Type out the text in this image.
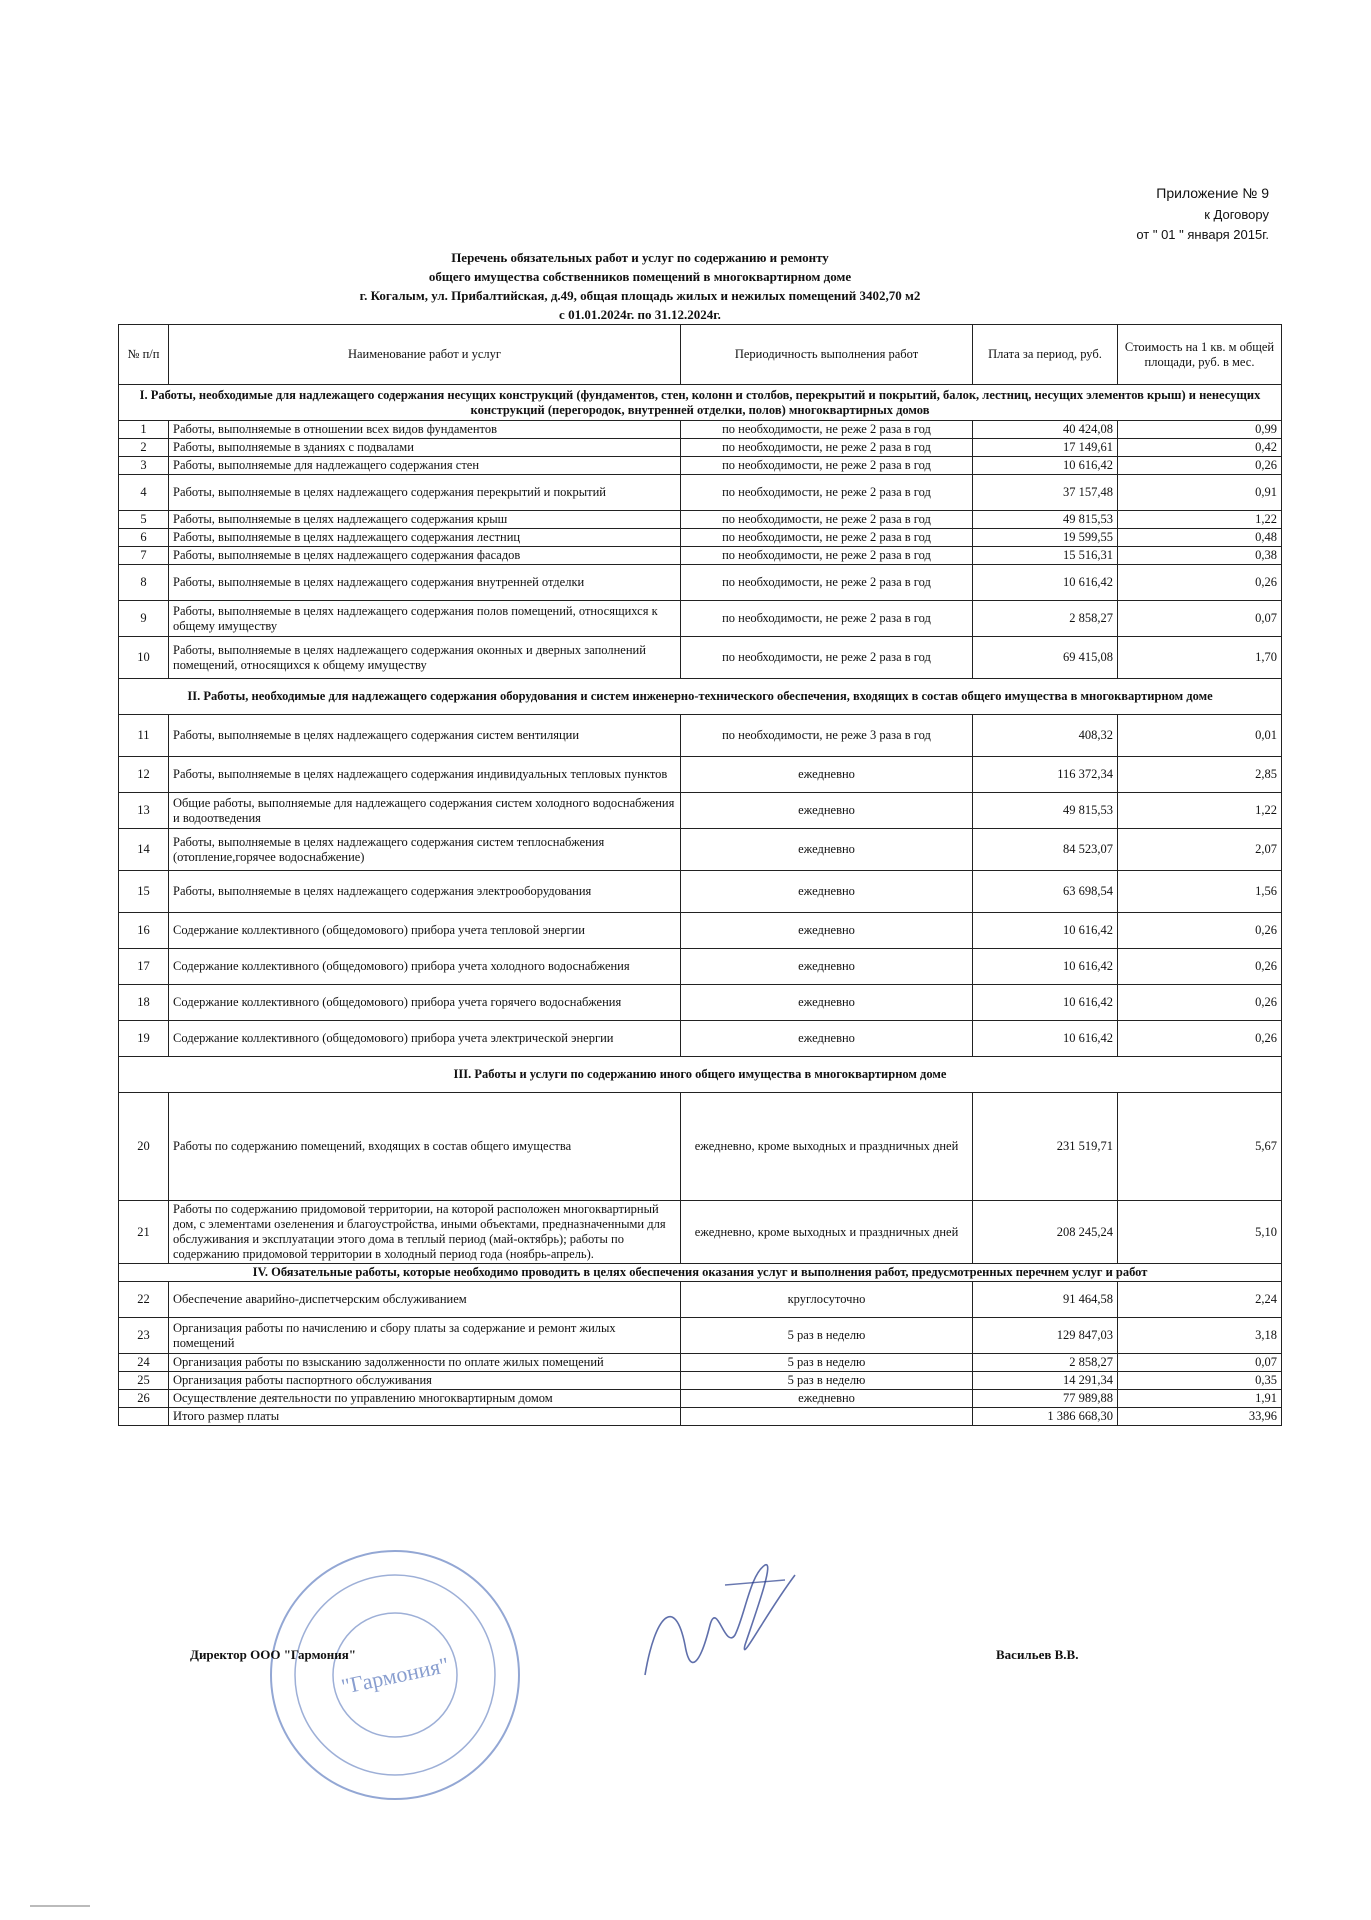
Приложение № 9
к Договору
от " 01 " января 2015г.
Перечень обязательных работ и услуг по содержанию и ремонту
общего имущества собственников помещений в многоквартирном доме
г. Когалым, ул. Прибалтийская, д.49, общая площадь жилых и нежилых помещений 3402,70 м2
с 01.01.2024г. по 31.12.2024г.
№ п/п	Наименование работ и услуг	Периодичность выполнения работ	Плата за период, руб.	Стоимость на 1 кв. м общей площади, руб. в мес.
I. Работы, необходимые для надлежащего содержания несущих конструкций (фундаментов, стен, колонн и столбов, перекрытий и покрытий, балок, лестниц, несущих элементов крыш) и ненесущих конструкций (перегородок, внутренней отделки, полов) многоквартирных домов				
1	Работы, выполняемые в отношении всех видов фундаментов	по необходимости, не реже 2 раза в год	40 424,08	0,99
2	Работы, выполняемые в зданиях с подвалами	по необходимости, не реже 2 раза в год	17 149,61	0,42
3	Работы, выполняемые для надлежащего содержания стен	по необходимости, не реже 2 раза в год	10 616,42	0,26
4	Работы, выполняемые в целях надлежащего содержания перекрытий и покрытий	по необходимости, не реже 2 раза в год	37 157,48	0,91
5	Работы, выполняемые в целях надлежащего содержания крыш	по необходимости, не реже 2 раза в год	49 815,53	1,22
6	Работы, выполняемые в целях надлежащего содержания лестниц	по необходимости, не реже 2 раза в год	19 599,55	0,48
7	Работы, выполняемые в целях надлежащего содержания фасадов	по необходимости, не реже 2 раза в год	15 516,31	0,38
8	Работы, выполняемые в целях надлежащего содержания внутренней отделки	по необходимости, не реже 2 раза в год	10 616,42	0,26
9	Работы, выполняемые в целях надлежащего содержания полов помещений, относящихся к общему имуществу	по необходимости, не реже 2 раза в год	2 858,27	0,07
10	Работы, выполняемые в целях надлежащего содержания оконных и дверных заполнений помещений, относящихся к общему имуществу	по необходимости, не реже 2 раза в год	69 415,08	1,70
II. Работы, необходимые для надлежащего содержания оборудования и систем инженерно-технического обеспечения, входящих в состав общего имущества в многоквартирном доме				
11	Работы, выполняемые в целях надлежащего содержания систем вентиляции	по необходимости, не реже 3 раза в год	408,32	0,01
12	Работы, выполняемые в целях надлежащего содержания индивидуальных тепловых пунктов	ежедневно	116 372,34	2,85
13	Общие работы, выполняемые для надлежащего содержания систем холодного водоснабжения и водоотведения	ежедневно	49 815,53	1,22
14	Работы, выполняемые в целях надлежащего содержания систем теплоснабжения (отопление,горячее водоснабжение)	ежедневно	84 523,07	2,07
15	Работы, выполняемые в целях надлежащего содержания электрооборудования	ежедневно	63 698,54	1,56
16	Содержание коллективного (общедомового) прибора учета тепловой энергии	ежедневно	10 616,42	0,26
17	Содержание коллективного (общедомового) прибора учета холодного водоснабжения	ежедневно	10 616,42	0,26
18	Содержание коллективного (общедомового) прибора учета горячего водоснабжения	ежедневно	10 616,42	0,26
19	Содержание коллективного (общедомового) прибора учета электрической энергии	ежедневно	10 616,42	0,26
III. Работы и услуги по содержанию иного общего имущества в многоквартирном доме				
20	Работы по содержанию помещений, входящих в состав общего имущества	ежедневно, кроме выходных и праздничных дней	231 519,71	5,67
21	Работы по содержанию придомовой территории, на которой расположен многоквартирный дом, с элементами озеленения и благоустройства, иными объектами, предназначенными для обслуживания и эксплуатации этого дома в теплый период (май-октябрь); работы по содержанию придомовой территории в холодный период года (ноябрь-апрель).	ежедневно, кроме выходных и праздничных дней	208 245,24	5,10
IV. Обязательные работы, которые необходимо проводить в целях обеспечения оказания услуг и выполнения работ, предусмотренных перечнем услуг и работ				
22	Обеспечение аварийно-диспетчерским обслуживанием	круглосуточно	91 464,58	2,24
23	Организация работы по начислению и сбору платы за содержание и ремонт жилых помещений	5 раз в неделю	129 847,03	3,18
24	Организация работы по взысканию задолженности по оплате жилых помещений	5 раз в неделю	2 858,27	0,07
25	Организация работы паспортного обслуживания	5 раз в неделю	14 291,34	0,35
26	Осуществление деятельности по управлению многоквартирным домом	ежедневно	77 989,88	1,91
	Итого размер платы		1 386 668,30	33,96
"Гармония"
Директор ООО "Гармония"	Васильев В.В.
